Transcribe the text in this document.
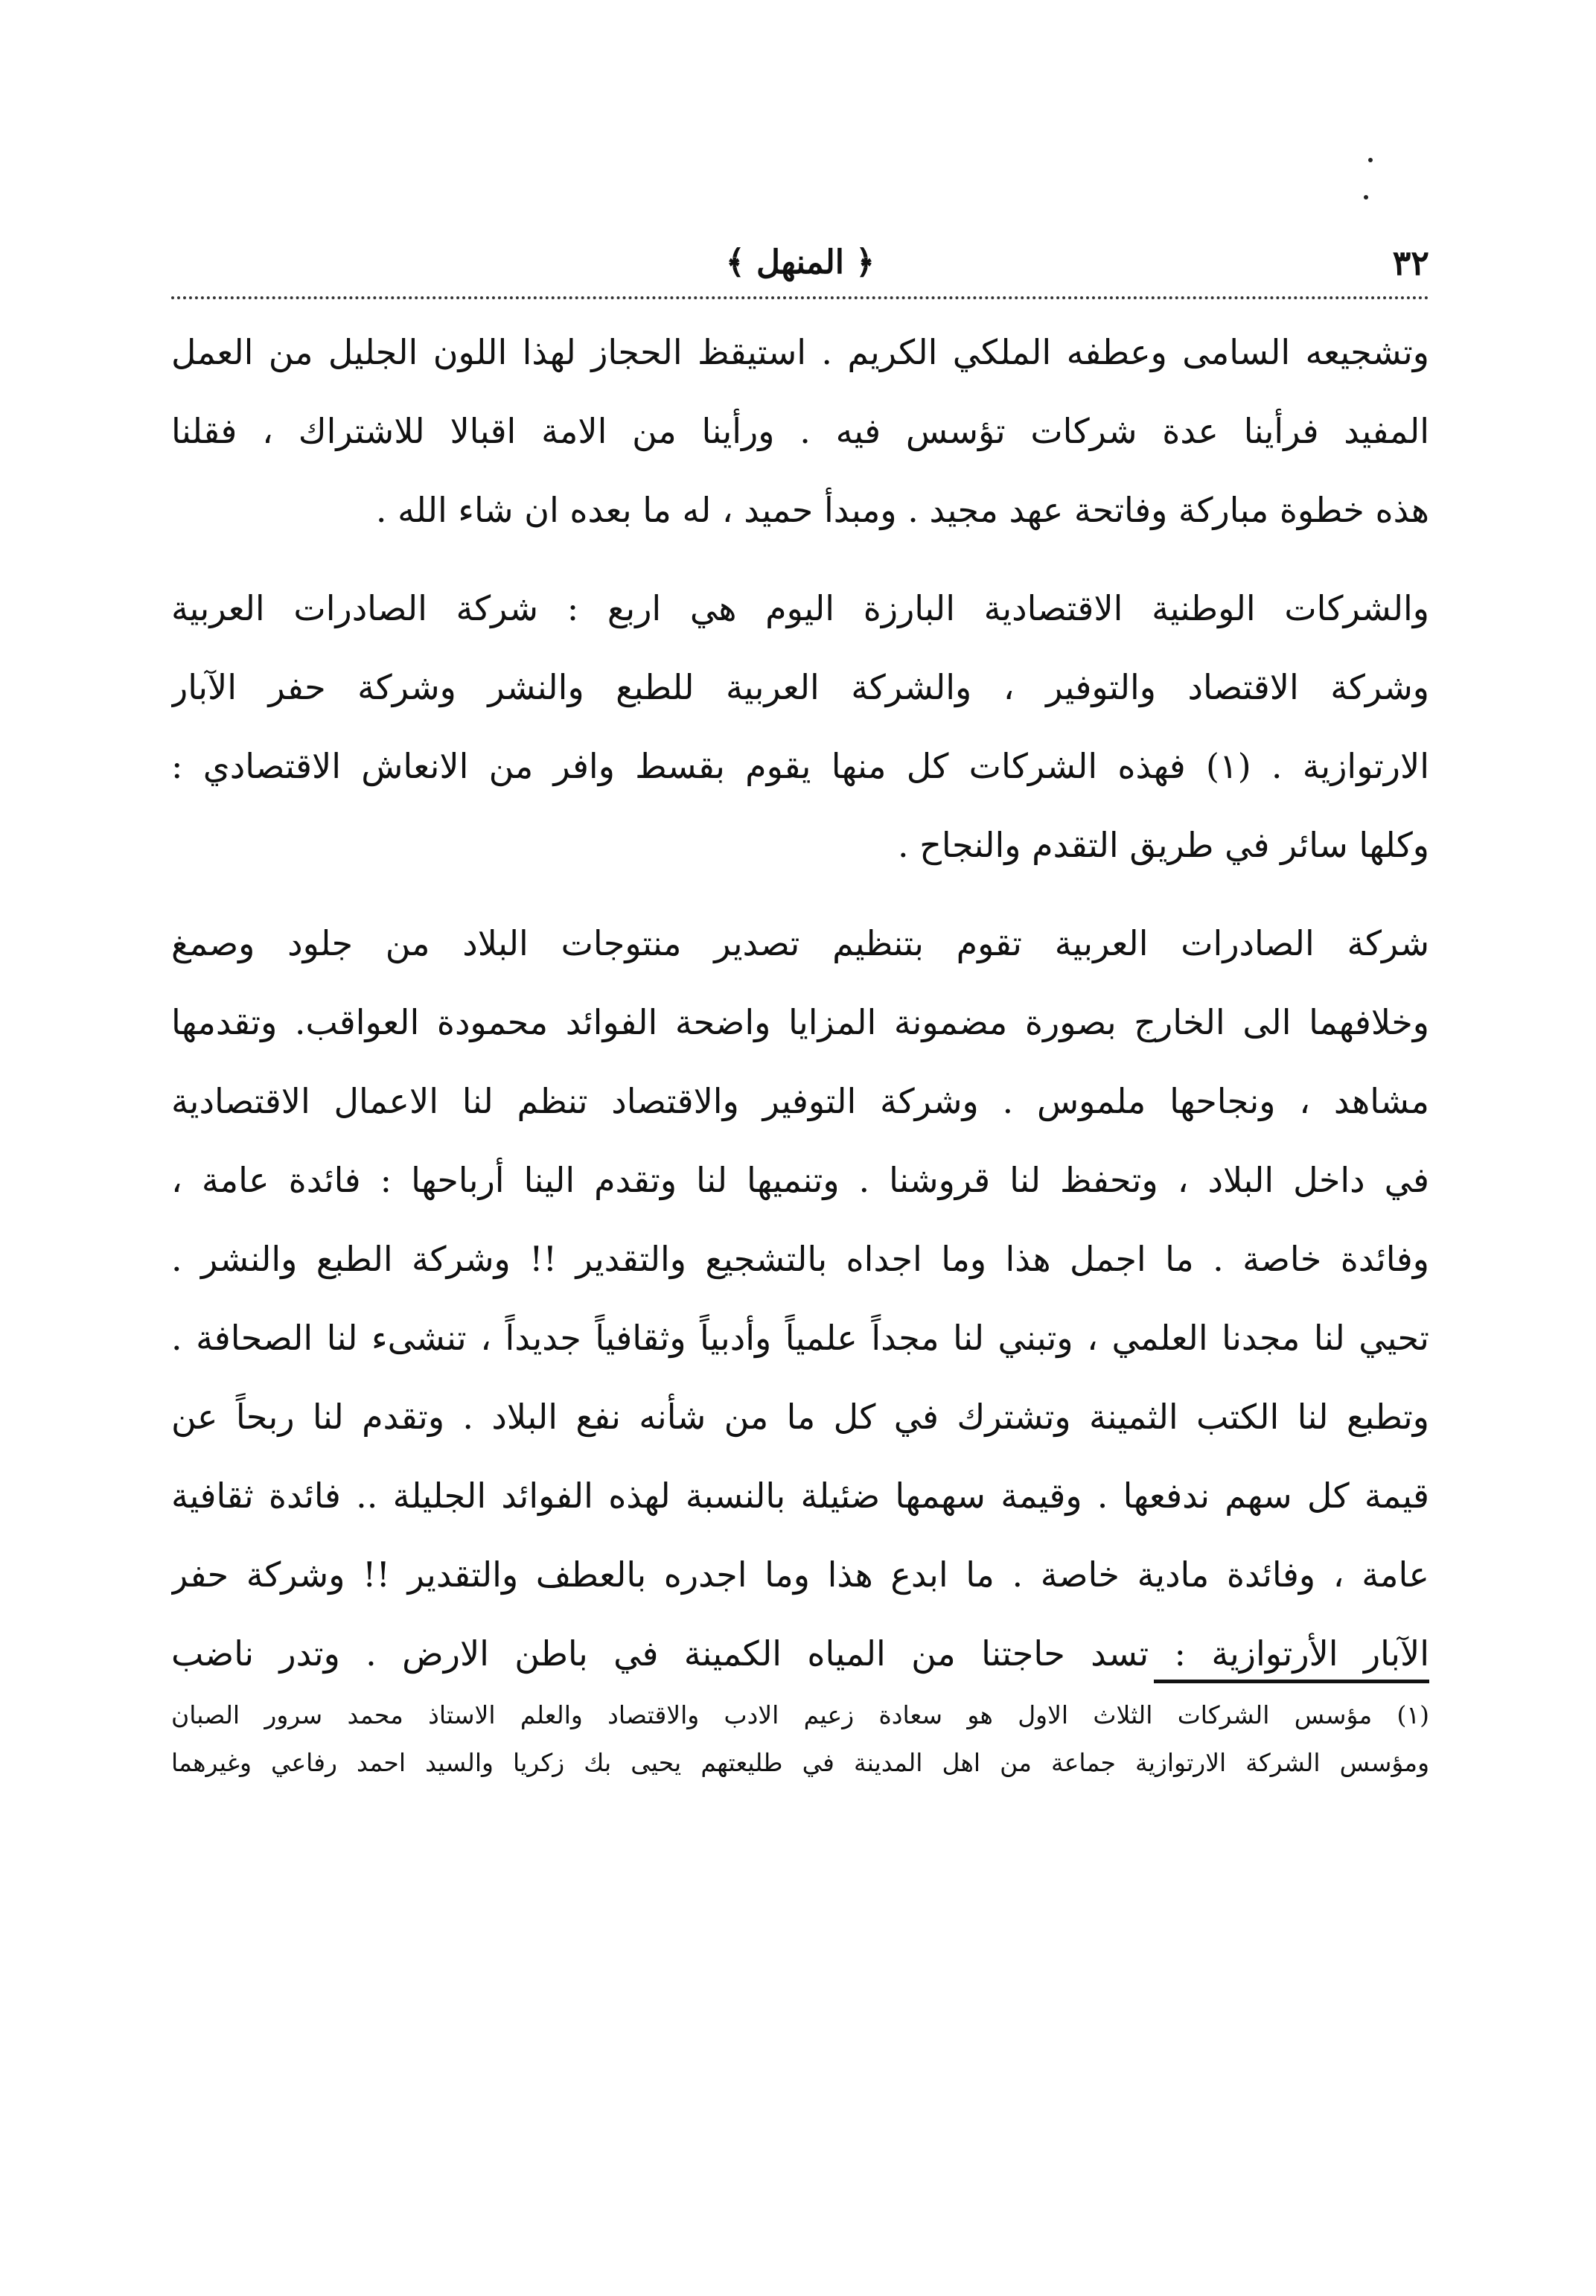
٣٢
﴿ المنهل ﴾
وتشجيعه السامى وعطفه الملكي الكريم . استيقظ الحجاز لهذا اللون الجليل من العمل
المفيد فرأينا عدة شركات تؤسس فيه . ورأينا من الامة اقبالا للاشتراك ، فقلنا
هذه خطوة مباركة وفاتحة عهد مجيد . ومبدأ حميد ، له ما بعده ان شاء الله .
والشركات الوطنية الاقتصادية البارزة اليوم هي اربع : شركة الصادرات العربية
وشركة الاقتصاد والتوفير ، والشركة العربية للطبع والنشر وشركة حفر الآبار
الارتوازية . (١) فهذه الشركات كل منها يقوم بقسط وافر من الانعاش الاقتصادي :
وكلها سائر في طريق التقدم والنجاح .
شركة الصادرات العربية تقوم بتنظيم تصدير منتوجات البلاد من جلود وصمغ
وخلافهما الى الخارج بصورة مضمونة المزايا واضحة الفوائد محمودة العواقب. وتقدمها
مشاهد ، ونجاحها ملموس . وشركة التوفير والاقتصاد تنظم لنا الاعمال الاقتصادية
في داخل البلاد ، وتحفظ لنا قروشنا . وتنميها لنا وتقدم الينا أرباحها : فائدة عامة ،
وفائدة خاصة . ما اجمل هذا وما اجداه بالتشجيع والتقدير !! وشركة الطبع والنشر .
تحيي لنا مجدنا العلمي ، وتبني لنا مجداً علمياً وأدبياً وثقافياً جديداً ، تنشىء لنا الصحافة .
وتطبع لنا الكتب الثمينة وتشترك في كل ما من شأنه نفع البلاد . وتقدم لنا ربحاً عن
قيمة كل سهم ندفعها . وقيمة سهمها ضئيلة بالنسبة لهذه الفوائد الجليلة .. فائدة ثقافية
عامة ، وفائدة مادية خاصة . ما ابدع هذا وما اجدره بالعطف والتقدير !! وشركة حفر
الآبار الأرتوازية : تسد حاجتنا من المياه الكمينة في باطن الارض . وتدر ناضب
(١) مؤسس الشركات الثلاث الاول هو سعادة زعيم الادب والاقتصاد والعلم الاستاذ محمد سرور الصبان
ومؤسس الشركة الارتوازية جماعة من اهل المدينة في طليعتهم يحيى بك زكريا والسيد احمد رفاعي وغيرهما
